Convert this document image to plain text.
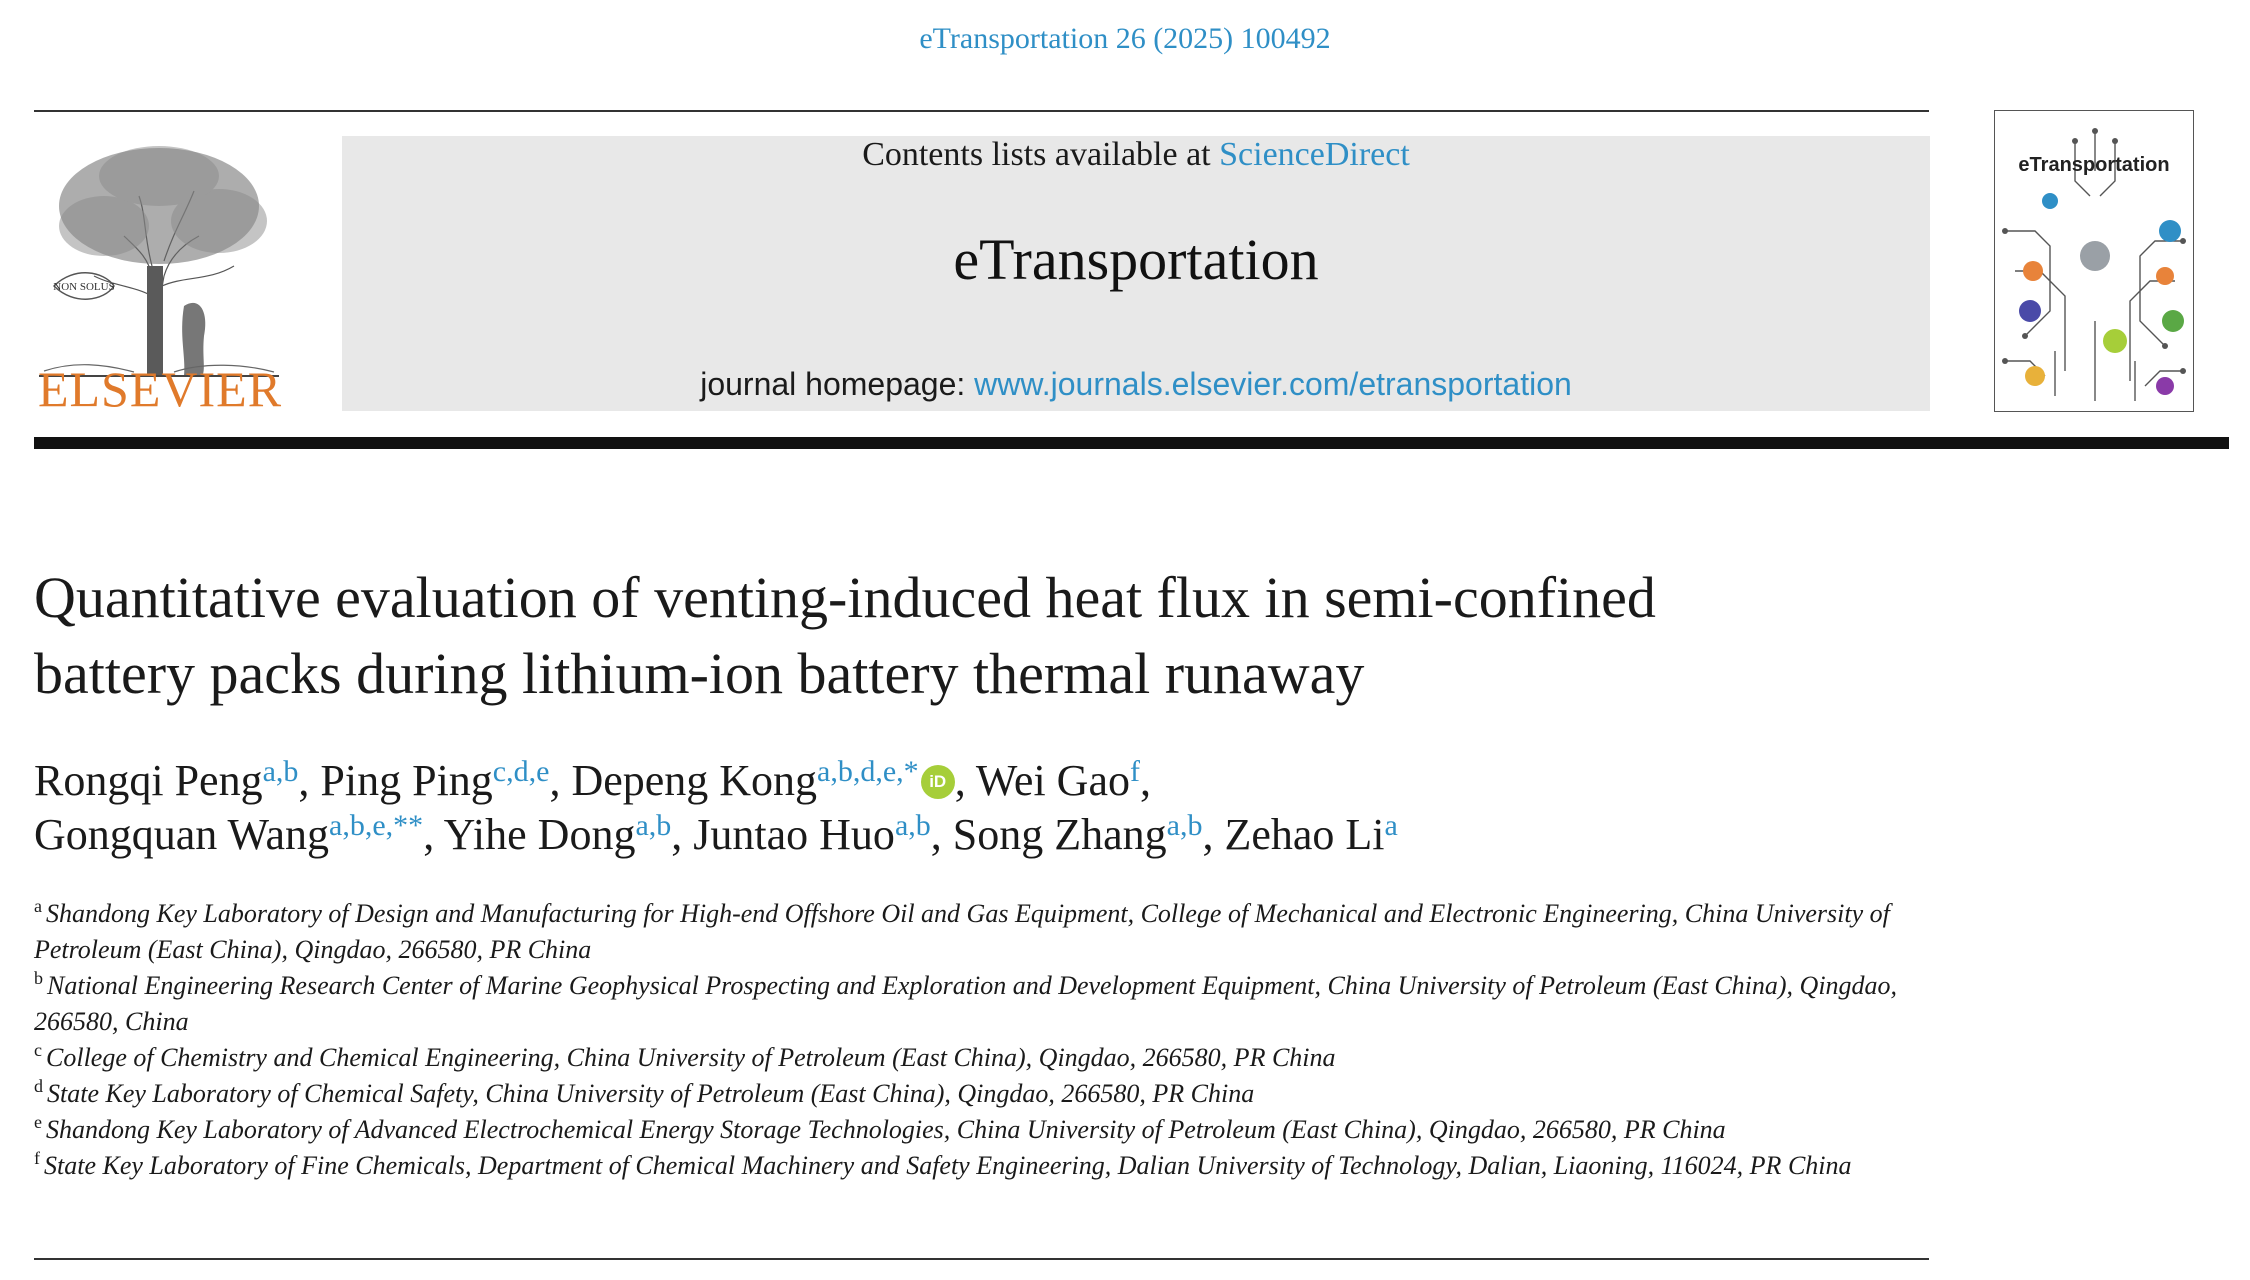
eTransportation 26 (2025) 100492
NON SOLUS
ELSEVIER
Contents lists available at ScienceDirect
eTransportation
journal homepage: www.journals.elsevier.com/etransportation
eTransportation
Quantitative evaluation of venting-induced heat flux in semi-confined
battery packs during lithium-ion battery thermal runaway
Rongqi Peng$^{a,b}$, Ping Ping$^{c,d,e}$, Depeng Kong$^{a,b,d,e,*}$ iD , Wei Gao$^f$,
Gongquan Wang$^{a,b,e,**}$, Yihe Dong$^{a,b}$, Juntao Huo$^{a,b}$, Song Zhang$^{a,b}$, Zehao Li$^a$
$^a$ Shandong Key Laboratory of Design and Manufacturing for High-end Offshore Oil and Gas Equipment, College of Mechanical and Electronic Engineering, China University of Petroleum (East China), Qingdao, 266580, PR China
$^b$ National Engineering Research Center of Marine Geophysical Prospecting and Exploration and Development Equipment, China University of Petroleum (East China), Qingdao, 266580, China
$^c$ College of Chemistry and Chemical Engineering, China University of Petroleum (East China), Qingdao, 266580, PR China
$^d$ State Key Laboratory of Chemical Safety, China University of Petroleum (East China), Qingdao, 266580, PR China
$^e$ Shandong Key Laboratory of Advanced Electrochemical Energy Storage Technologies, China University of Petroleum (East China), Qingdao, 266580, PR China
$^f$ State Key Laboratory of Fine Chemicals, Department of Chemical Machinery and Safety Engineering, Dalian University of Technology, Dalian, Liaoning, 116024, PR China
